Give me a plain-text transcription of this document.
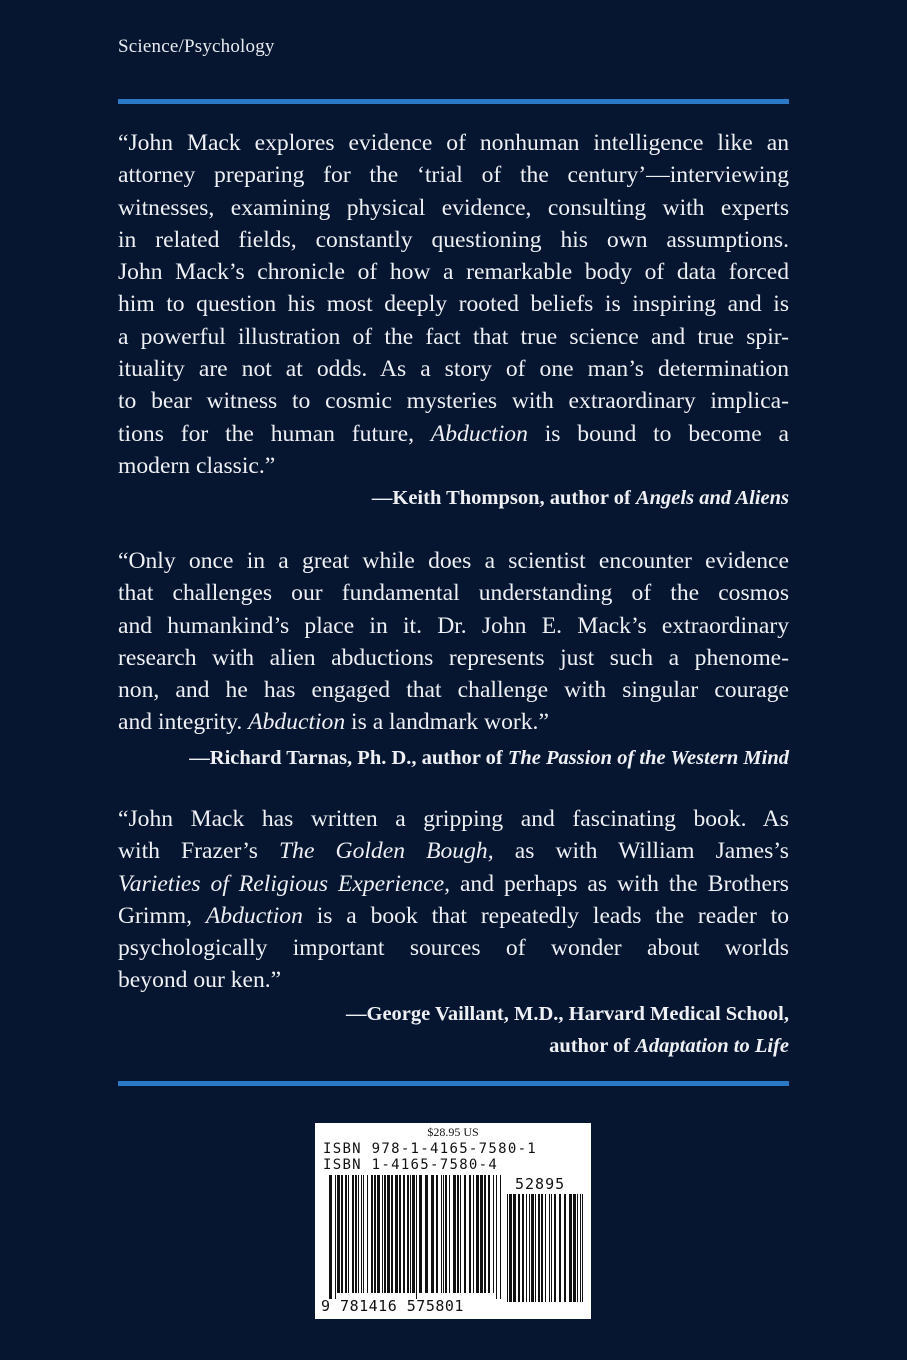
Science/Psychology
“John Mack explores evidence of nonhuman intelligence like an
attorney preparing for the ‘trial of the century’—interviewing
witnesses, examining physical evidence, consulting with experts
in related fields, constantly questioning his own assumptions.
John Mack’s chronicle of how a remarkable body of data forced
him to question his most deeply rooted beliefs is inspiring and is
a powerful illustration of the fact that true science and true spir-
ituality are not at odds. As a story of one man’s determination
to bear witness to cosmic mysteries with extraordinary implica-
tions for the human future, Abduction is bound to become a
modern classic.”
—Keith Thompson, author of Angels and Aliens
“Only once in a great while does a scientist encounter evidence
that challenges our fundamental understanding of the cosmos
and humankind’s place in it. Dr. John E. Mack’s extraordinary
research with alien abductions represents just such a phenome-
non, and he has engaged that challenge with singular courage
and integrity. Abduction is a landmark work.”
—Richard Tarnas, Ph. D., author of The Passion of the Western Mind
“John Mack has written a gripping and fascinating book. As
with Frazer’s The Golden Bough, as with William James’s
Varieties of Religious Experience, and perhaps as with the Brothers
Grimm, Abduction is a book that repeatedly leads the reader to
psychologically important sources of wonder about worlds
beyond our ken.”
—George Vaillant, M.D., Harvard Medical School,
author of Adaptation to Life
$28.95 US
ISBN 978-1-4165-7580-1
ISBN 1-4165-7580-4
52895
9 781416 575801
